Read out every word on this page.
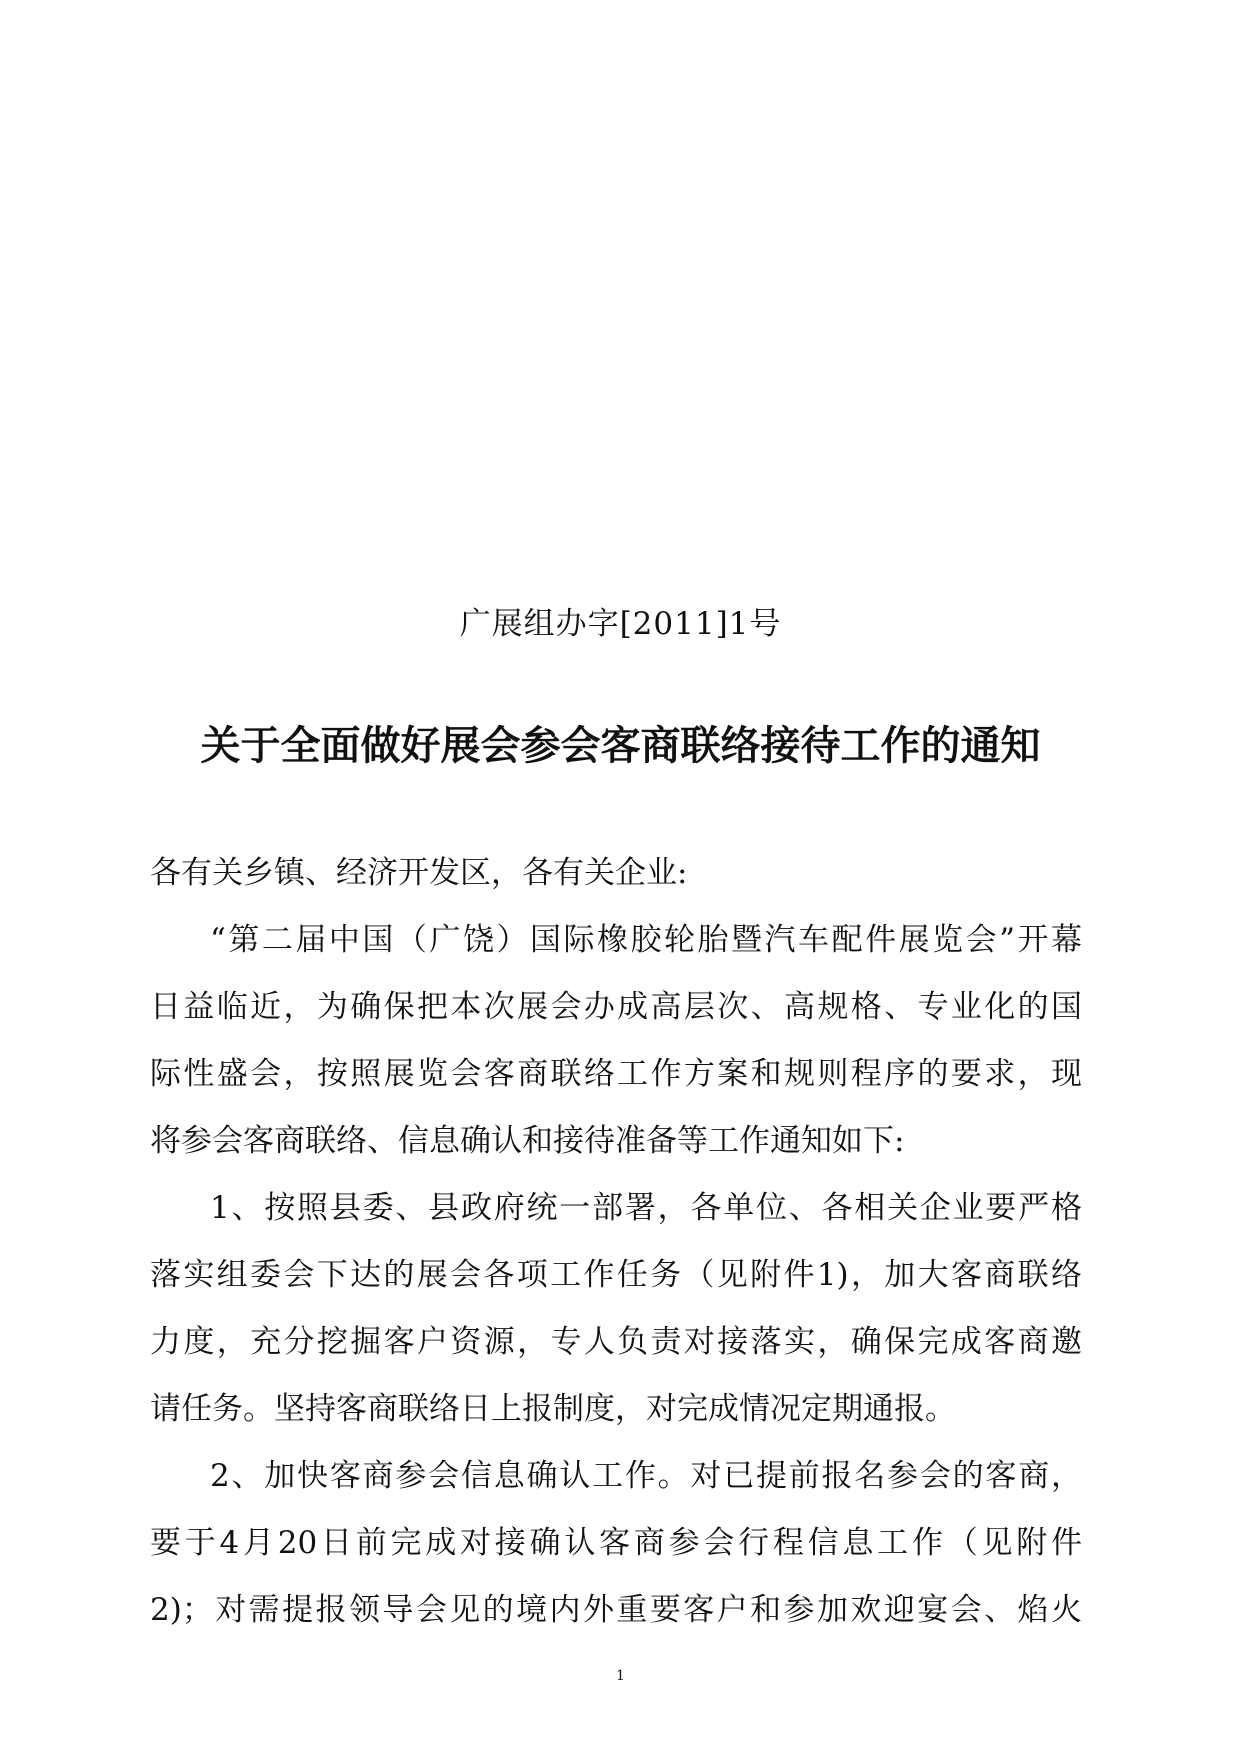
广展组办字[2011]1号
关于全面做好展会参会客商联络接待工作的通知
各有关乡镇、经济开发区，各有关企业:
“第二届中国（广饶）国际橡胶轮胎暨汽车配件展览会”开幕
日益临近，为确保把本次展会办成高层次、高规格、专业化的国
际性盛会，按照展览会客商联络工作方案和规则程序的要求，现
将参会客商联络、信息确认和接待准备等工作通知如下:
1、按照县委、县政府统一部署，各单位、各相关企业要严格
落实组委会下达的展会各项工作任务（见附件1)，加大客商联络
力度，充分挖掘客户资源，专人负责对接落实，确保完成客商邀
请任务。坚持客商联络日上报制度，对完成情况定期通报。
2、加快客商参会信息确认工作。对已提前报名参会的客商，
要于4月20日前完成对接确认客商参会行程信息工作（见附件
2)；对需提报领导会见的境内外重要客户和参加欢迎宴会、焰火
1
